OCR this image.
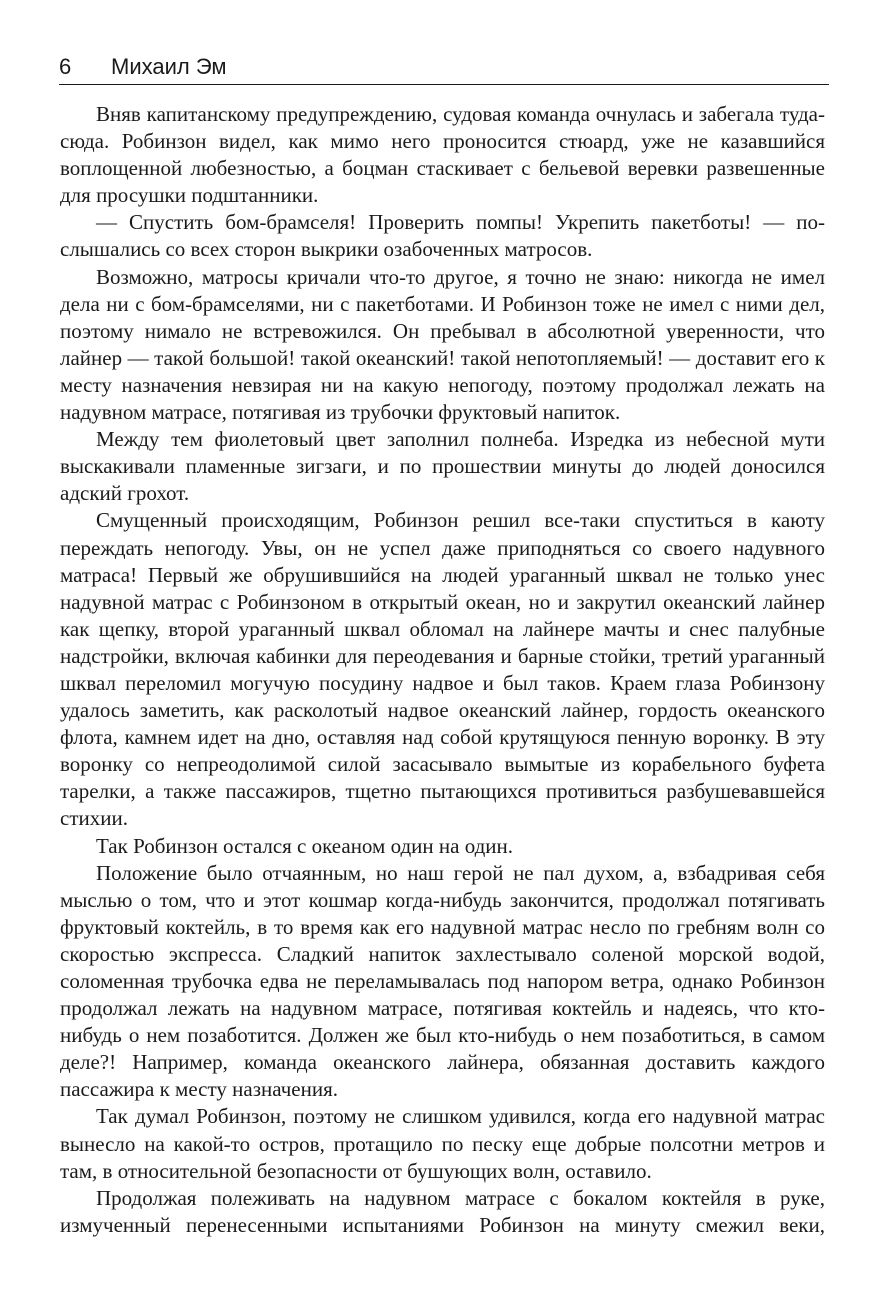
6 Михаил Эм

Вняв капитанскому предупреждению, судовая команда очнулась и забегала туда-сюда. Робинзон видел, как мимо него проносится стюард, уже не казавшийся воплощенной любезностью, а боцман стаскивает с бельевой веревки развешенные для просушки подштанники.

— Спустить бом-брамселя! Проверить помпы! Укрепить пакетботы! — послышались со всех сторон выкрики озабоченных матросов.

Возможно, матросы кричали что-то другое, я точно не знаю: никогда не имел дела ни с бом-брамселями, ни с пакетботами. И Робинзон тоже не имел с ними дел, поэтому нимало не встревожился. Он пребывал в абсолютной уверенности, что лайнер — такой большой! такой океанский! такой непотопляемый! — доставит его к месту назначения невзирая ни на какую непогоду, поэтому продолжал лежать на надувном матрасе, потягивая из трубочки фруктовый напиток.

Между тем фиолетовый цвет заполнил полнеба. Изредка из небесной мути выскакивали пламенные зигзаги, и по прошествии минуты до людей доносился адский грохот.

Смущенный происходящим, Робинзон решил все-таки спуститься в каюту переждать непогоду. Увы, он не успел даже приподняться со своего надувного матраса! Первый же обрушившийся на людей ураганный шквал не только унес надувной матрас с Робинзоном в открытый океан, но и закрутил океанский лайнер как щепку, второй ураганный шквал обломал на лайнере мачты и снес палубные надстройки, включая кабинки для переодевания и барные стойки, третий ураганный шквал переломил могучую посудину надвое и был таков. Краем глаза Робинзону удалось заметить, как расколотый надвое океанский лайнер, гордость океанского флота, камнем идет на дно, оставляя над собой крутящуюся пенную воронку. В эту воронку со непреодолимой силой засасывало вымытые из корабельного буфета тарелки, а также пассажиров, тщетно пытающихся противиться разбушевавшейся стихии.

Так Робинзон остался с океаном один на один.

Положение было отчаянным, но наш герой не пал духом, а, взбадривая себя мыслью о том, что и этот кошмар когда-нибудь закончится, продолжал потягивать фруктовый коктейль, в то время как его надувной матрас несло по гребням волн со скоростью экспресса. Сладкий напиток захлестывало соленой морской водой, соломенная трубочка едва не переламывалась под напором ветра, однако Робинзон продолжал лежать на надувном матрасе, потягивая коктейль и надеясь, что кто-нибудь о нем позаботится. Должен же был кто-нибудь о нем позаботиться, в самом деле?! Например, команда океанского лайнера, обязанная доставить каждого пассажира к месту назначения.

Так думал Робинзон, поэтому не слишком удивился, когда его надувной матрас вынесло на какой-то остров, протащило по песку еще добрые полсотни метров и там, в относительной безопасности от бушующих волн, оставило.

Продолжая полеживать на надувном матрасе с бокалом коктейля в руке, измученный перенесенными испытаниями Робинзон на минуту смежил веки,
